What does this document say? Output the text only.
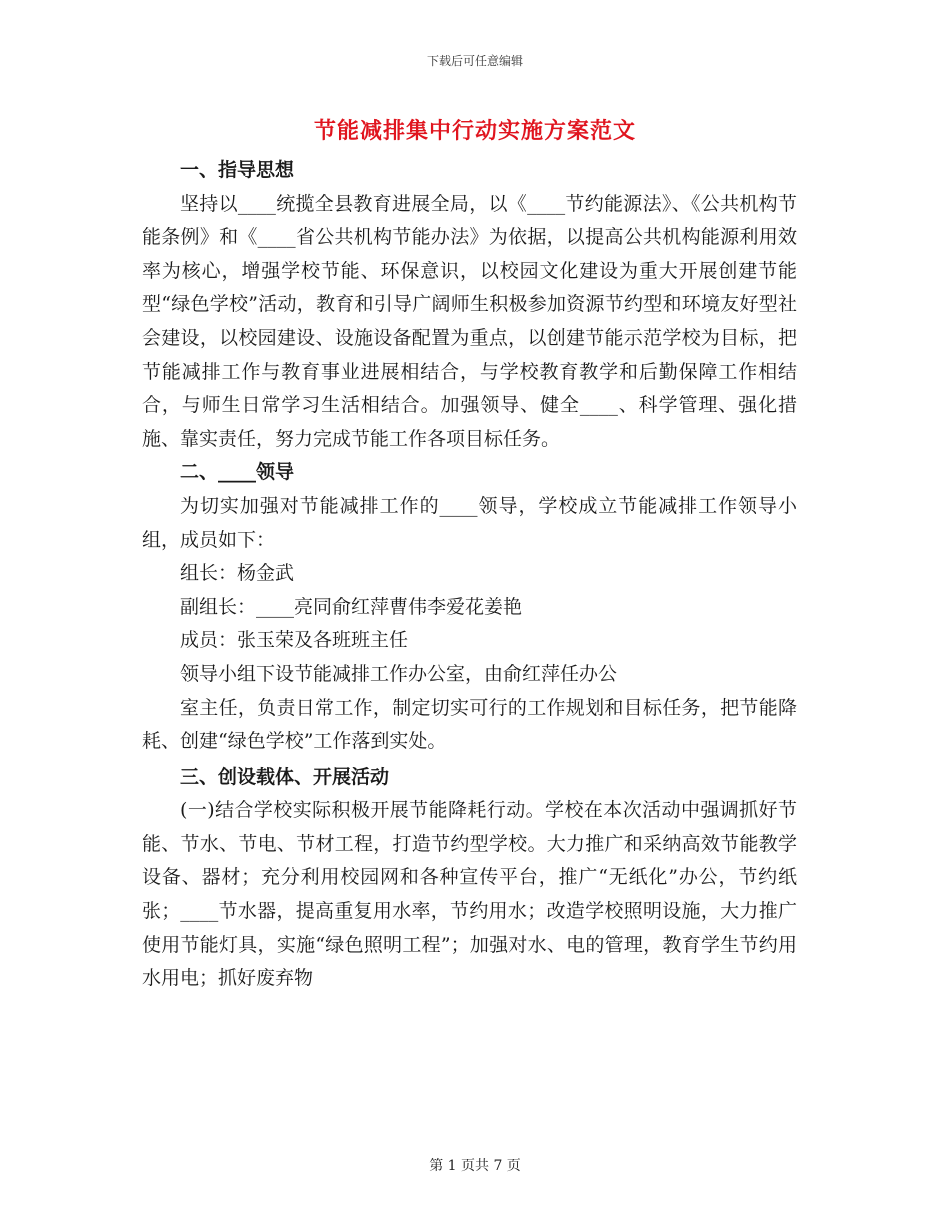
下载后可任意编辑
节能减排集中行动实施方案范文
一、指导思想

坚持以____统揽全县教育进展全局，以《____节约能源法》、《公共机构节能条例》和《____省公共机构节能办法》为依据，以提高公共机构能源利用效率为核心，增强学校节能、环保意识，以校园文化建设为重大开展创建节能型“绿色学校”活动，教育和引导广阔师生积极参加资源节约型和环境友好型社会建设，以校园建设、设施设备配置为重点，以创建节能示范学校为目标，把节能减排工作与教育事业进展相结合，与学校教育教学和后勤保障工作相结合，与师生日常学习生活相结合。加强领导、健全____、科学管理、强化措施、靠实责任，努力完成节能工作各项目标任务。

二、____领导

为切实加强对节能减排工作的____领导，学校成立节能减排工作领导小组，成员如下：

组长：杨金武

副组长：____亮同俞红萍曹伟李爱花姜艳

成员：张玉荣及各班班主任

领导小组下设节能减排工作办公室，由俞红萍任办公

室主任，负责日常工作，制定切实可行的工作规划和目标任务，把节能降耗、创建“绿色学校”工作落到实处。

三、创设载体、开展活动

(一)结合学校实际积极开展节能降耗行动。学校在本次活动中强调抓好节能、节水、节电、节材工程，打造节约型学校。大力推广和采纳高效节能教学设备、器材；充分利用校园网和各种宣传平台，推广“无纸化”办公，节约纸张；____节水器，提高重复用水率，节约用水；改造学校照明设施，大力推广使用节能灯具，实施“绿色照明工程”；加强对水、电的管理，教育学生节约用水用电；抓好废弃物

第 1 页共 7 页
